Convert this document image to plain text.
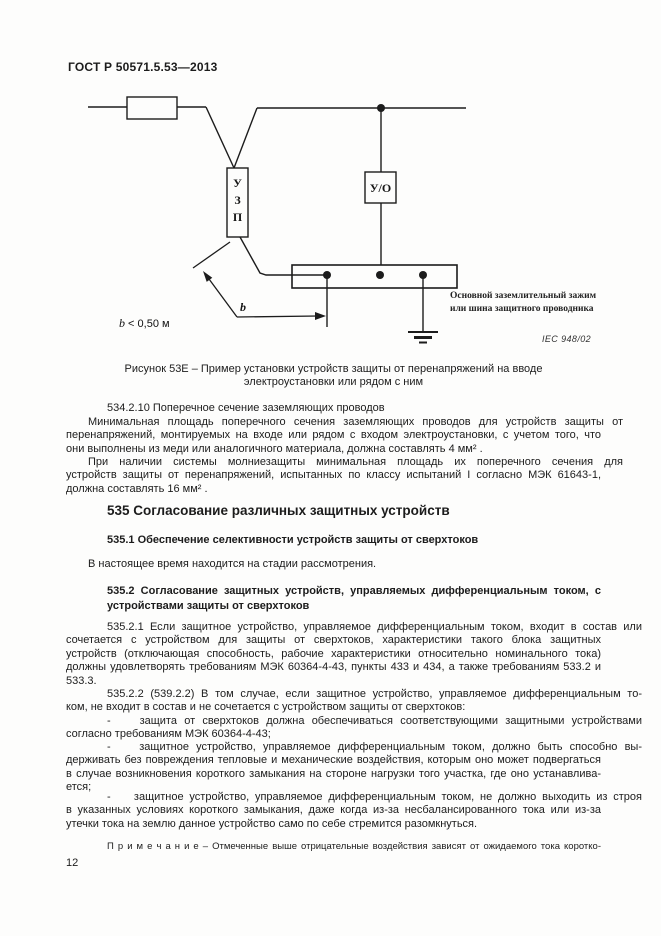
ГОСТ Р 50571.5.53—2013
У
З
П
У/О
b
Основной заземлительный зажим
или шина защитного проводника
IEC 948/02
b < 0,50 м
Рисунок 53Е – Пример установки устройств защиты от перенапряжений на вводе
электроустановки или рядом с ним
534.2.10 Поперечное сечение заземляющих проводов
Минимальная площадь поперечного сечения заземляющих проводов для устройств защиты от
перенапряжений, монтируемых на входе или рядом с входом электроустановки, с учетом того, что
они выполнены из меди или аналогичного материала, должна составлять 4 мм² .
При наличии системы молниезащиты минимальная площадь их поперечного сечения для
устройств защиты от перенапряжений, испытанных по классу испытаний I согласно МЭК 61643-1,
должна составлять 16 мм² .
535 Согласование различных защитных устройств
535.1 Обеспечение селективности устройств защиты от сверхтоков
В настоящее время находится на стадии рассмотрения.
535.2 Согласование защитных устройств, управляемых дифференциальным током, с
устройствами защиты от сверхтоков
535.2.1 Если защитное устройство, управляемое дифференциальным током, входит в состав или
сочетается с устройством для защиты от сверхтоков, характеристики такого блока защитных
устройств (отключающая способность, рабочие характеристики относительно номинального тока)
должны удовлетворять требованиям МЭК 60364-4-43, пункты 433 и 434, а также требованиям 533.2 и
533.3.
535.2.2 (539.2.2) В том случае, если защитное устройство, управляемое дифференциальным то-
ком, не входит в состав и не сочетается с устройством защиты от сверхтоков:
-    защита от сверхтоков должна обеспечиваться соответствующими защитными устройствами
согласно требованиям МЭК 60364-4-43;
-    защитное устройство, управляемое дифференциальным током, должно быть способно вы-
держивать без повреждения тепловые и механические воздействия, которым оно может подвергаться
в случае возникновения короткого замыкания на стороне нагрузки того участка, где оно устанавлива-
ется;
-    защитное устройство, управляемое дифференциальным током, не должно выходить из строя
в указанных условиях короткого замыкания, даже когда из-за несбалансированного тока или из-за
утечки тока на землю данное устройство само по себе стремится разомкнуться.
П р и м е ч а н и е – Отмеченные выше отрицательные воздействия зависят от ожидаемого тока коротко-
12
